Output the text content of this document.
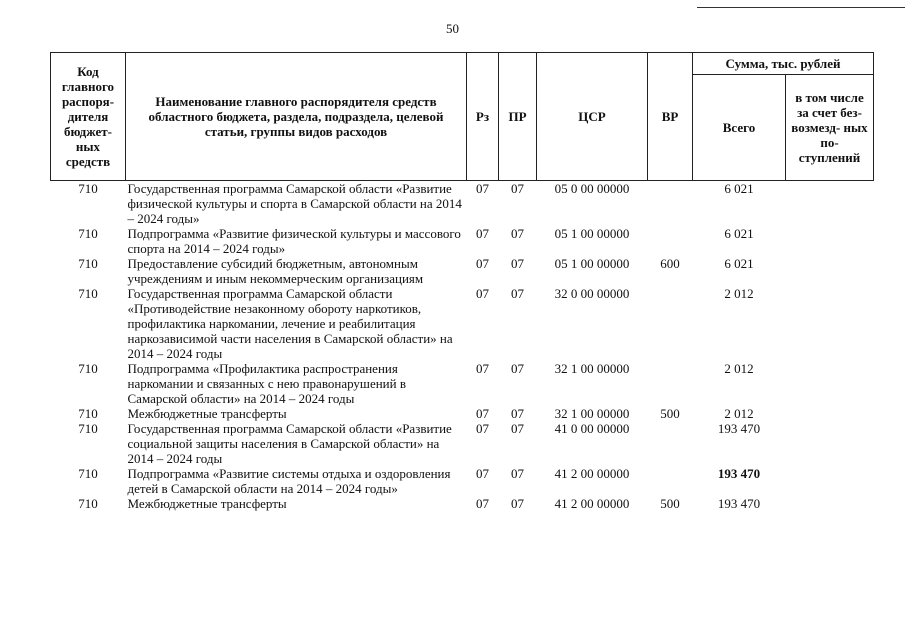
50
Код главного распоря- дителя бюджет- ных средств	Наименование главного распорядителя средств областного бюджета, раздела, подраздела, целевой статьи, группы видов расходов	Рз	ПР	ЦСР	ВР	Сумма, тыс. рублей	
						Всего	в том числе за счет без- возмезд- ных по- ступлений
710	Государственная программа Самарской области «Развитие физической культуры и спорта в Самарской области на 2014 – 2024 годы»	07	07	05 0 00 00000		6 021	
710	Подпрограмма «Развитие физической культуры и массового спорта на 2014 – 2024 годы»	07	07	05 1 00 00000		6 021	
710	Предоставление субсидий бюджетным, автономным учреждениям и иным некоммерческим организациям	07	07	05 1 00 00000	600	6 021	
710	Государственная программа Самарской области «Противодействие незаконному обороту наркотиков, профилактика наркомании, лечение и реабилитация наркозависимой части населения в Самарской области» на 2014 – 2024 годы	07	07	32 0 00 00000		2 012	
710	Подпрограмма «Профилактика распространения наркомании и связанных с нею правонарушений в Самарской области» на 2014 – 2024 годы	07	07	32 1 00 00000		2 012	
710	Межбюджетные трансферты	07	07	32 1 00 00000	500	2 012	
710	Государственная программа Самарской области «Развитие социальной защиты населения в Самарской области» на 2014 – 2024 годы	07	07	41 0 00 00000		193 470	
710	Подпрограмма «Развитие системы отдыха и оздоровления детей в Самарской области на 2014 – 2024 годы»	07	07	41 2 00 00000		193 470	
710	Межбюджетные трансферты	07	07	41 2 00 00000	500	193 470	
